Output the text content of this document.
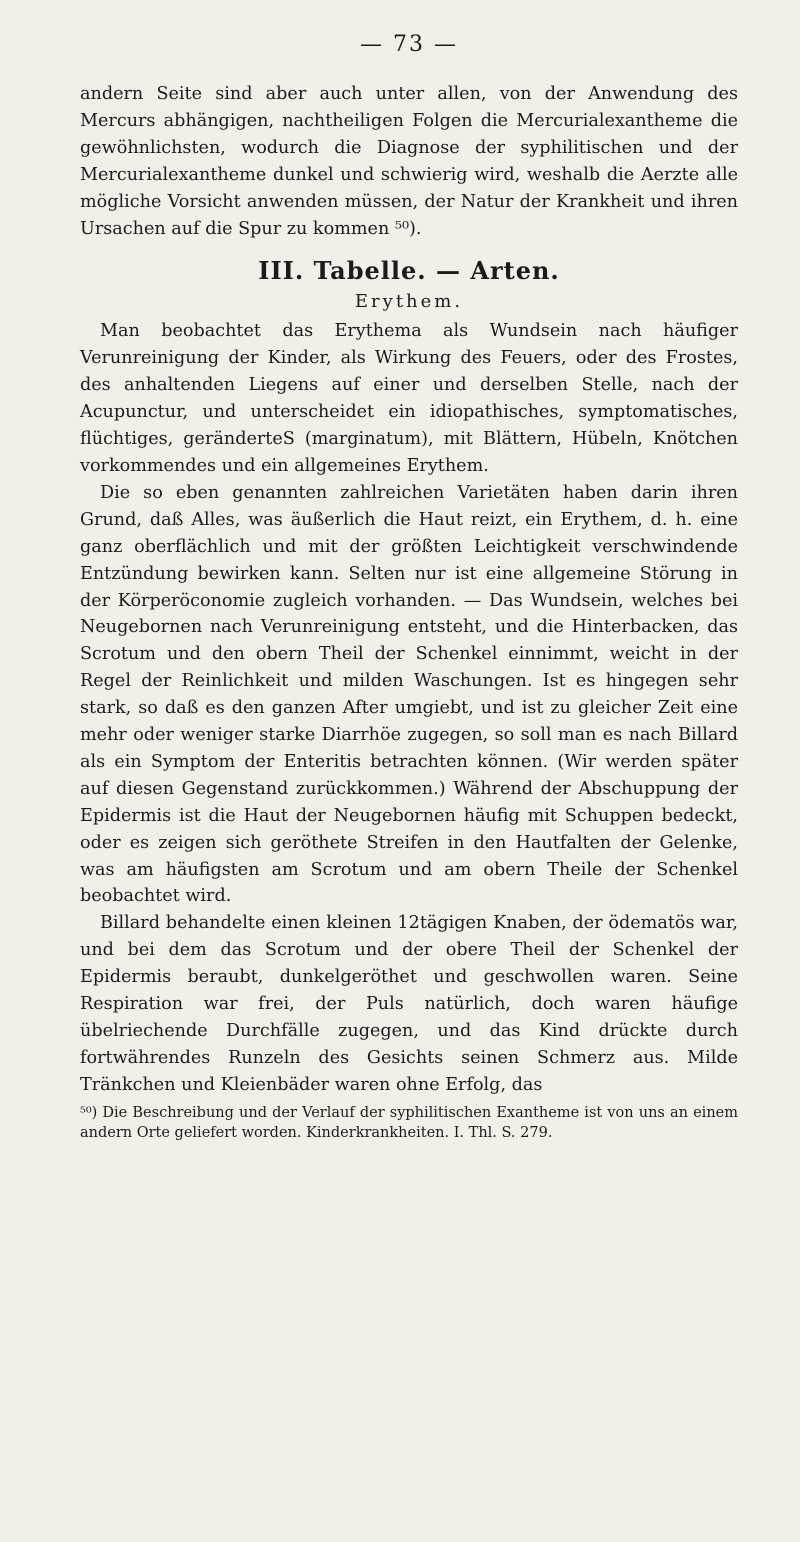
— 73 —

andern Seite sind aber auch unter allen, von der Anwendung des Mercurs abhängigen, nachtheiligen Folgen die Mercurialexantheme die gewöhnlichsten, wodurch die Diagnose der syphilitischen und der Mercurialexantheme dunkel und schwierig wird, weshalb die Aerzte alle mögliche Vorsicht anwenden müssen, der Natur der Krankheit und ihren Ursachen auf die Spur zu kommen ⁵⁰).

III. Tabelle. — Arten.
Erythem.

Man beobachtet das Erythema als Wundsein nach häufiger Verunreinigung der Kinder, als Wirkung des Feuers, oder des Frostes, des anhaltenden Liegens auf einer und derselben Stelle, nach der Acupunctur, und unterscheidet ein idiopathisches, symptomatisches, flüchtiges, geränderteS (marginatum), mit Blättern, Hübeln, Knötchen vorkommendes und ein allgemeines Erythem.

Die so eben genannten zahlreichen Varietäten haben darin ihren Grund, daß Alles, was äußerlich die Haut reizt, ein Erythem, d. h. eine ganz oberflächlich und mit der größten Leichtigkeit verschwindende Entzündung bewirken kann. Selten nur ist eine allgemeine Störung in der Körperöconomie zugleich vorhanden. — Das Wundsein, welches bei Neugebornen nach Verunreinigung entsteht, und die Hinterbacken, das Scrotum und den obern Theil der Schenkel einnimmt, weicht in der Regel der Reinlichkeit und milden Waschungen. Ist es hingegen sehr stark, so daß es den ganzen After umgiebt, und ist zu gleicher Zeit eine mehr oder weniger starke Diarrhöe zugegen, so soll man es nach Billard als ein Symptom der Enteritis betrachten können. (Wir werden später auf diesen Gegenstand zurückkommen.) Während der Abschuppung der Epidermis ist die Haut der Neugebornen häufig mit Schuppen bedeckt, oder es zeigen sich geröthete Streifen in den Hautfalten der Gelenke, was am häufigsten am Scrotum und am obern Theile der Schenkel beobachtet wird.

Billard behandelte einen kleinen 12tägigen Knaben, der ödematös war, und bei dem das Scrotum und der obere Theil der Schenkel der Epidermis beraubt, dunkelgeröthet und geschwollen waren. Seine Respiration war frei, der Puls natürlich, doch waren häufige übelriechende Durchfälle zugegen, und das Kind drückte durch fortwährendes Runzeln des Gesichts seinen Schmerz aus. Milde Tränkchen und Kleienbäder waren ohne Erfolg, das

⁵⁰) Die Beschreibung und der Verlauf der syphilitischen Exantheme ist von uns an einem andern Orte geliefert worden. Kinderkrankheiten. I. Thl. S. 279.
